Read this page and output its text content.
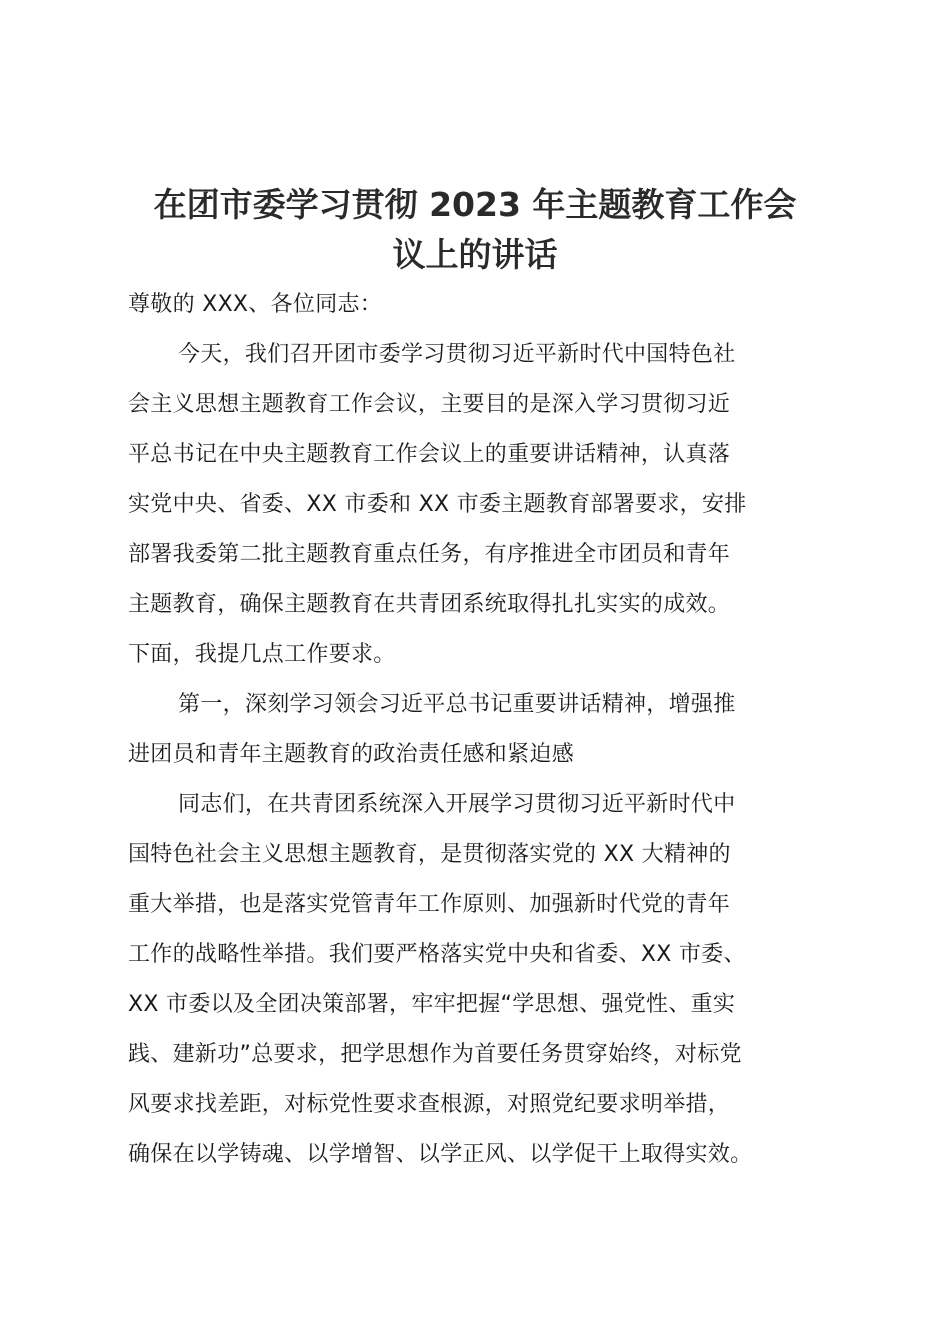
在团市委学习贯彻 2023 年主题教育工作会
议上的讲话
尊敬的 XXX、各位同志：
今天，我们召开团市委学习贯彻习近平新时代中国特色社
会主义思想主题教育工作会议，主要目的是深入学习贯彻习近
平总书记在中央主题教育工作会议上的重要讲话精神，认真落
实党中央、省委、XX 市委和 XX 市委主题教育部署要求，安排
部署我委第二批主题教育重点任务，有序推进全市团员和青年
主题教育，确保主题教育在共青团系统取得扎扎实实的成效。
下面，我提几点工作要求。
第一，深刻学习领会习近平总书记重要讲话精神，增强推
进团员和青年主题教育的政治责任感和紧迫感
同志们，在共青团系统深入开展学习贯彻习近平新时代中
国特色社会主义思想主题教育，是贯彻落实党的 XX 大精神的
重大举措，也是落实党管青年工作原则、加强新时代党的青年
工作的战略性举措。我们要严格落实党中央和省委、XX 市委、
XX 市委以及全团决策部署，牢牢把握“学思想、强党性、重实
践、建新功”总要求，把学思想作为首要任务贯穿始终，对标党
风要求找差距，对标党性要求查根源，对照党纪要求明举措，
确保在以学铸魂、以学增智、以学正风、以学促干上取得实效。
